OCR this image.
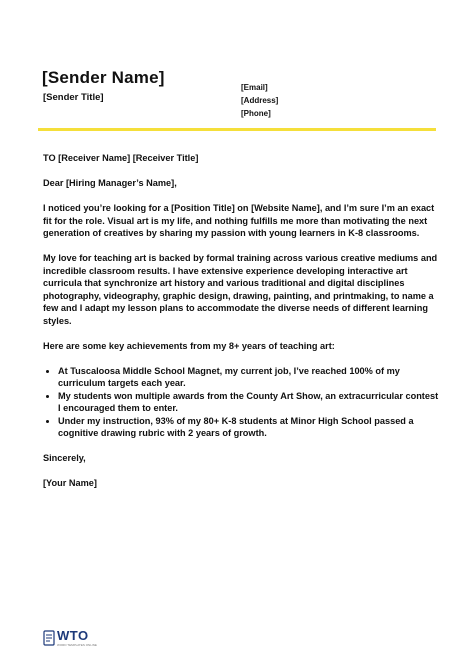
[Sender Name]
[Sender Title]
[Email]
[Address]
[Phone]

TO [Receiver Name] [Receiver Title]

Dear [Hiring Manager’s Name],

I noticed you’re looking for a [Position Title] on [Website Name], and I’m sure I’m an exact fit for the role. Visual art is my life, and nothing fulfills me more than motivating the next generation of creatives by sharing my passion with young learners in K-8 classrooms.

My love for teaching art is backed by formal training across various creative mediums and incredible classroom results. I have extensive experience developing interactive art curricula that synchronize art history and various traditional and digital disciplines photography, videography, graphic design, drawing, painting, and printmaking, to name a few and I adapt my lesson plans to accommodate the diverse needs of different learning styles.

Here are some key achievements from my 8+ years of teaching art:

• At Tuscaloosa Middle School Magnet, my current job, I’ve reached 100% of my curriculum targets each year.
• My students won multiple awards from the County Art Show, an extracurricular contest I encouraged them to enter.
• Under my instruction, 93% of my 80+ K-8 students at Minor High School passed a cognitive drawing rubric with 2 years of growth.

Sincerely,

[Your Name]

WTO
WORD TEMPLATES ONLINE
